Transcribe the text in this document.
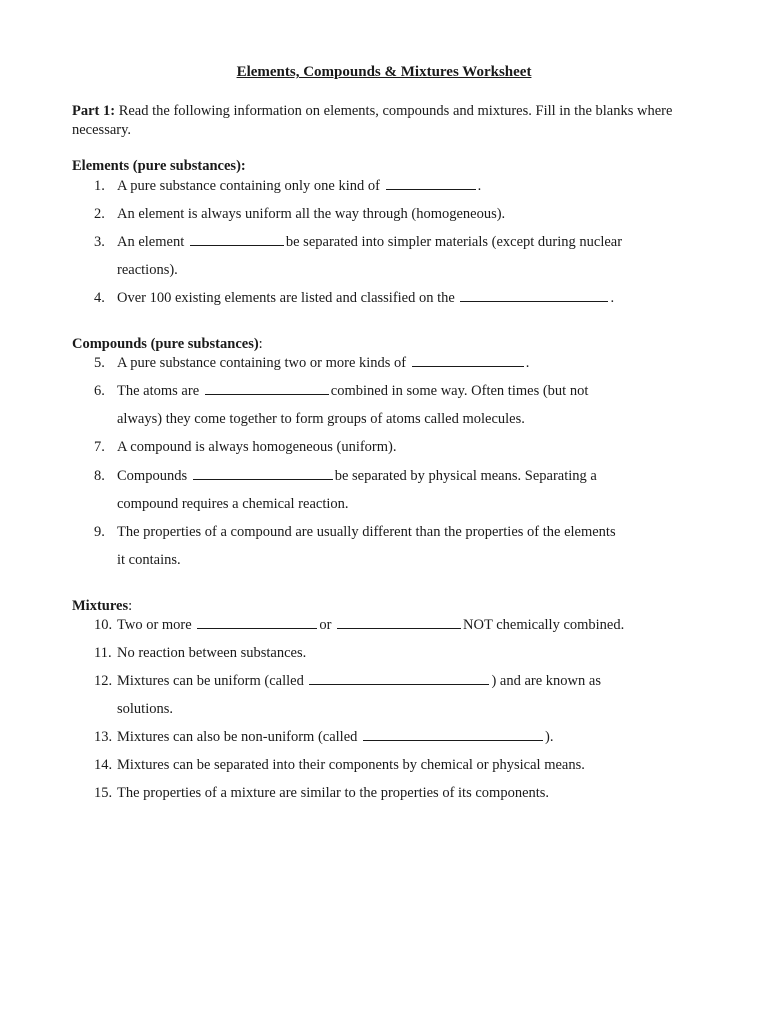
Elements, Compounds & Mixtures Worksheet
Part 1: Read the following information on elements, compounds and mixtures. Fill in the blanks where necessary.
Elements (pure substances):
1. A pure substance containing only one kind of	.
2. An element is always uniform all the way through (homogeneous).
3. An element	be separated into simpler materials (except during nuclear
reactions).
4. Over 100 existing elements are listed and classified on the	.
Compounds (pure substances):
5. A pure substance containing two or more kinds of	.
6. The atoms are	combined in some way. Often times (but not
always) they come together to form groups of atoms called molecules.
7. A compound is always homogeneous (uniform).
8. Compounds	be separated by physical means. Separating a
compound requires a chemical reaction.
9. The properties of a compound are usually different than the properties of the elements
it contains.
Mixtures:
10. Two or more	or	NOT chemically combined.
11. No reaction between substances.
12. Mixtures can be uniform (called	) and are known as
solutions.
13. Mixtures can also be non-uniform (called	).
14. Mixtures can be separated into their components by chemical or physical means.
15. The properties of a mixture are similar to the properties of its components.
